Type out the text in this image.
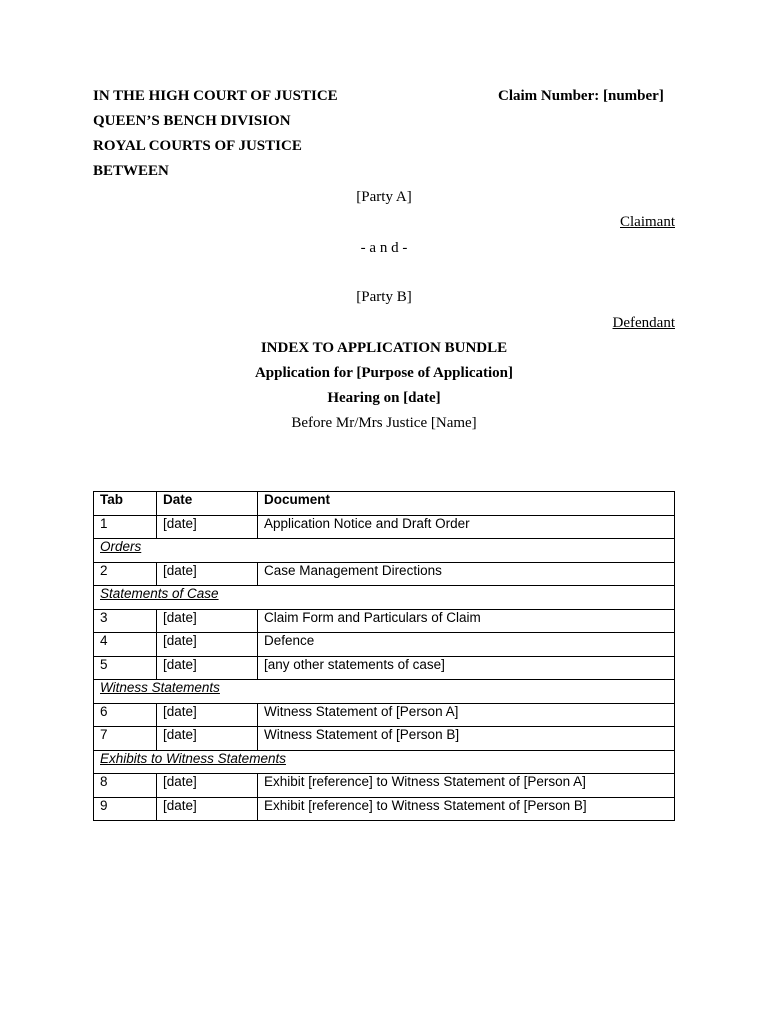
IN THE HIGH COURT OF JUSTICE	Claim Number: [number]
QUEEN’S BENCH DIVISION
ROYAL COURTS OF JUSTICE
BETWEEN
[Party A]
Claimant
- a n d -
[Party B]
Defendant
INDEX TO APPLICATION BUNDLE
Application for [Purpose of Application]
Hearing on [date]
Before Mr/Mrs Justice [Name]
Tab	Date	Document
1	[date]	Application Notice and Draft Order
Orders		
2	[date]	Case Management Directions
Statements of Case		
3	[date]	Claim Form and Particulars of Claim
4	[date]	Defence
5	[date]	[any other statements of case]
Witness Statements		
6	[date]	Witness Statement of [Person A]
7	[date]	Witness Statement of [Person B]
Exhibits to Witness Statements		
8	[date]	Exhibit [reference] to Witness Statement of [Person A]
9	[date]	Exhibit [reference] to Witness Statement of [Person B]
